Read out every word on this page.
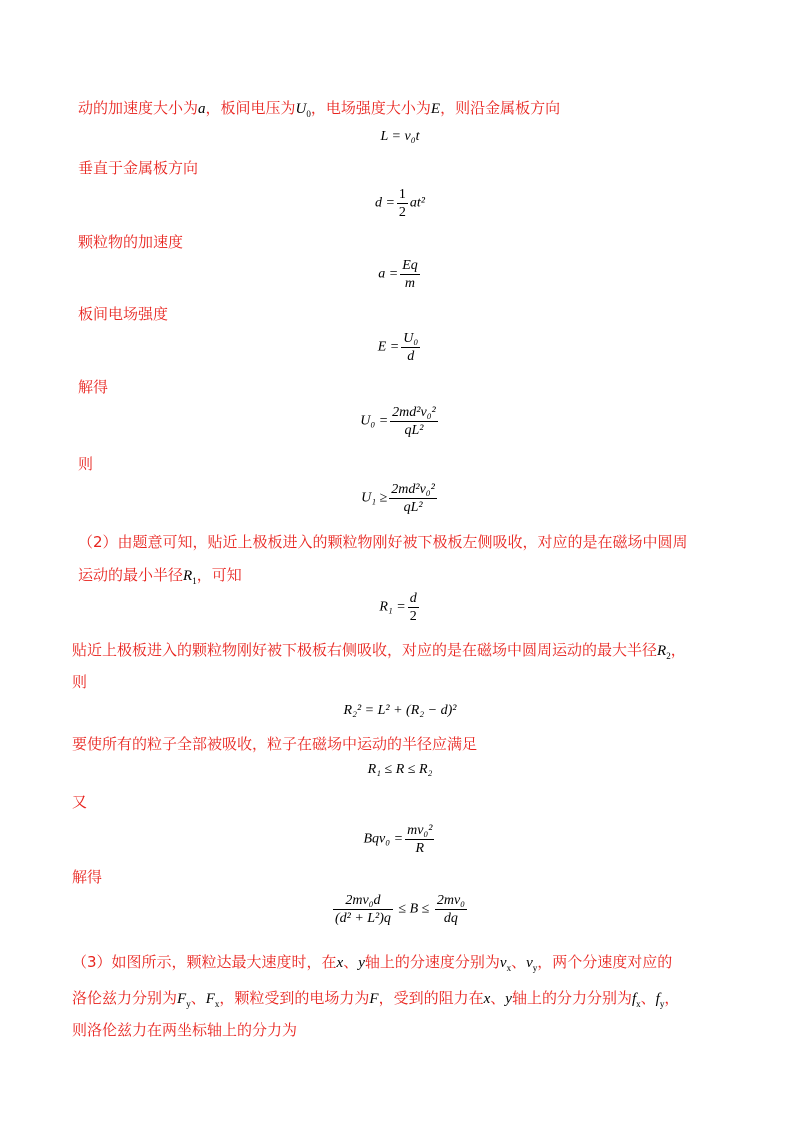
动的加速度大小为a，板间电压为$U_0$，电场强度大小为E，则沿金属板方向
L = v₀t
垂直于金属板方向
$d = \frac{1}{2} at^2$
颗粒物的加速度
$a = \frac{Eq}{m}$
板间电场强度
$E = \frac{\text{U₀}}{d}$
解得
$U_0 = \frac{\text{2md²v₀²}}{\text{qL²}}$
则
$U_1 \ge \frac{\text{2md²v₀²}}{\text{qL²}}$
（2）由题意可知，贴近上极板进入的颗粒物刚好被下极板左侧吸收，对应的是在磁场中圆周
运动的最小半径$R_1$，可知
$R_1 = \frac{d}{2}$
贴近上极板进入的颗粒物刚好被下极板右侧吸收，对应的是在磁场中圆周运动的最大半径$R_2$，
则
R₂² = L² + (R₂ − d)²
要使所有的粒子全部被吸收，粒子在磁场中运动的半径应满足
R₁ ≤ R ≤ R₂
又
$Bqv_0 = \frac{\text{mv₀²}}{R}$
解得
$\frac{\text{2mv₀d}}{\text{(d² + L²)q}} \le B \le \frac{\text{2mv₀}}{dq}$
（3）如图所示，颗粒达最大速度时，在x、y轴上的分速度分别为$v_x$、$v_y$，两个分速度对应的
洛伦兹力分别为$F_y$、$F_x$，颗粒受到的电场力为F，受到的阻力在x、y轴上的分力分别为$f_x$、$f_y$，
则洛伦兹力在两坐标轴上的分力为
